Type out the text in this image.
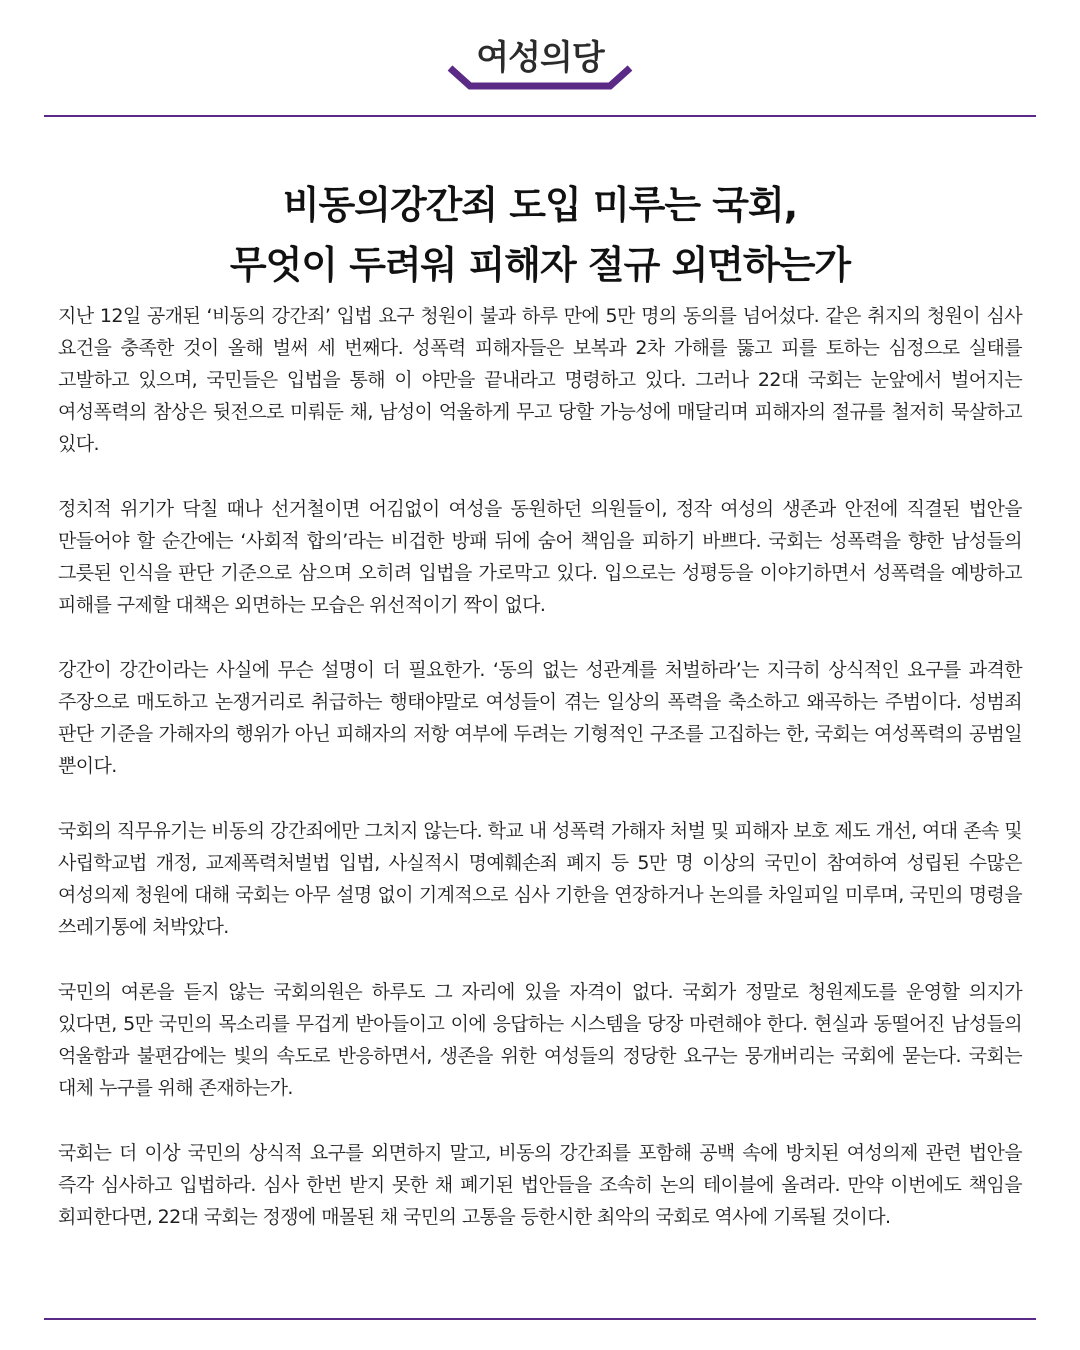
여성의당
비동의강간죄 도입 미루는 국회,
무엇이 두려워 피해자 절규 외면하는가

지난 12일 공개된 ‘비동의 강간죄’ 입법 요구 청원이 불과 하루 만에 5만 명의 동의를 넘어섰다. 같은 취지의 청원이 심사 요건을 충족한 것이 올해 벌써 세 번째다. 성폭력 피해자들은 보복과 2차 가해를 뚫고 피를 토하는 심정으로 실태를 고발하고 있으며, 국민들은 입법을 통해 이 야만을 끝내라고 명령하고 있다. 그러나 22대 국회는 눈앞에서 벌어지는 여성폭력의 참상은 뒷전으로 미뤄둔 채, 남성이 억울하게 무고 당할 가능성에 매달리며 피해자의 절규를 철저히 묵살하고 있다.

정치적 위기가 닥칠 때나 선거철이면 어김없이 여성을 동원하던 의원들이, 정작 여성의 생존과 안전에 직결된 법안을 만들어야 할 순간에는 ‘사회적 합의’라는 비겁한 방패 뒤에 숨어 책임을 피하기 바쁘다. 국회는 성폭력을 향한 남성들의 그릇된 인식을 판단 기준으로 삼으며 오히려 입법을 가로막고 있다. 입으로는 성평등을 이야기하면서 성폭력을 예방하고 피해를 구제할 대책은 외면하는 모습은 위선적이기 짝이 없다.

강간이 강간이라는 사실에 무슨 설명이 더 필요한가. ‘동의 없는 성관계를 처벌하라’는 지극히 상식적인 요구를 과격한 주장으로 매도하고 논쟁거리로 취급하는 행태야말로 여성들이 겪는 일상의 폭력을 축소하고 왜곡하는 주범이다. 성범죄 판단 기준을 가해자의 행위가 아닌 피해자의 저항 여부에 두려는 기형적인 구조를 고집하는 한, 국회는 여성폭력의 공범일 뿐이다.

국회의 직무유기는 비동의 강간죄에만 그치지 않는다. 학교 내 성폭력 가해자 처벌 및 피해자 보호 제도 개선, 여대 존속 및 사립학교법 개정, 교제폭력처벌법 입법, 사실적시 명예훼손죄 폐지 등 5만 명 이상의 국민이 참여하여 성립된 수많은 여성의제 청원에 대해 국회는 아무 설명 없이 기계적으로 심사 기한을 연장하거나 논의를 차일피일 미루며, 국민의 명령을 쓰레기통에 처박았다.

국민의 여론을 듣지 않는 국회의원은 하루도 그 자리에 있을 자격이 없다. 국회가 정말로 청원제도를 운영할 의지가 있다면, 5만 국민의 목소리를 무겁게 받아들이고 이에 응답하는 시스템을 당장 마련해야 한다. 현실과 동떨어진 남성들의 억울함과 불편감에는 빛의 속도로 반응하면서, 생존을 위한 여성들의 정당한 요구는 뭉개버리는 국회에 묻는다. 국회는 대체 누구를 위해 존재하는가.

국회는 더 이상 국민의 상식적 요구를 외면하지 말고, 비동의 강간죄를 포함해 공백 속에 방치된 여성의제 관련 법안을 즉각 심사하고 입법하라. 심사 한번 받지 못한 채 폐기된 법안들을 조속히 논의 테이블에 올려라. 만약 이번에도 책임을 회피한다면, 22대 국회는 정쟁에 매몰된 채 국민의 고통을 등한시한 최악의 국회로 역사에 기록될 것이다.
